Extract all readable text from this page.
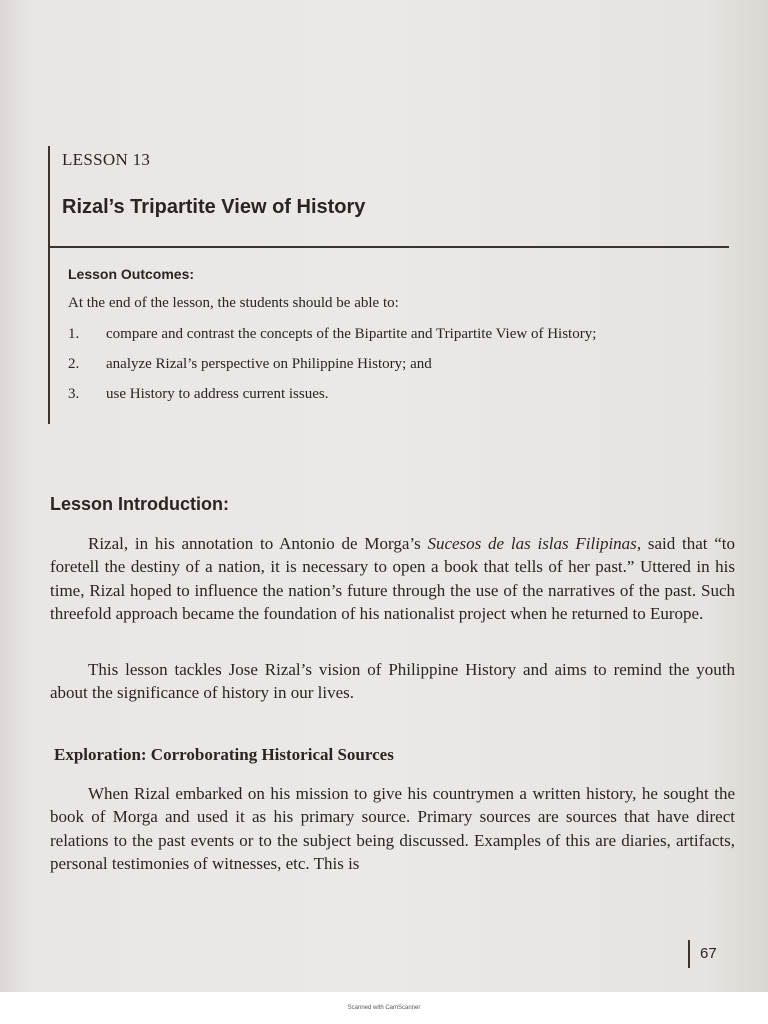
LESSON 13
Rizal’s Tripartite View of History
Lesson Outcomes:
At the end of the lesson, the students should be able to:
1. compare and contrast the concepts of the Bipartite and Tripartite View of History;
2. analyze Rizal’s perspective on Philippine History; and
3. use History to address current issues.
Lesson Introduction:

Rizal, in his annotation to Antonio de Morga’s Sucesos de las islas Filipinas, said that “to foretell the destiny of a nation, it is necessary to open a book that tells of her past.” Uttered in his time, Rizal hoped to influence the nation’s future through the use of the narratives of the past. Such threefold approach became the foundation of his nationalist project when he returned to Europe.

This lesson tackles Jose Rizal’s vision of Philippine History and aims to remind the youth about the significance of history in our lives.

Exploration: Corroborating Historical Sources

When Rizal embarked on his mission to give his countrymen a written history, he sought the book of Morga and used it as his primary source. Primary sources are sources that have direct relations to the past events or to the subject being discussed. Examples of this are diaries, artifacts, personal testimonies of witnesses, etc. This is

67
Scanned with CamScanner
